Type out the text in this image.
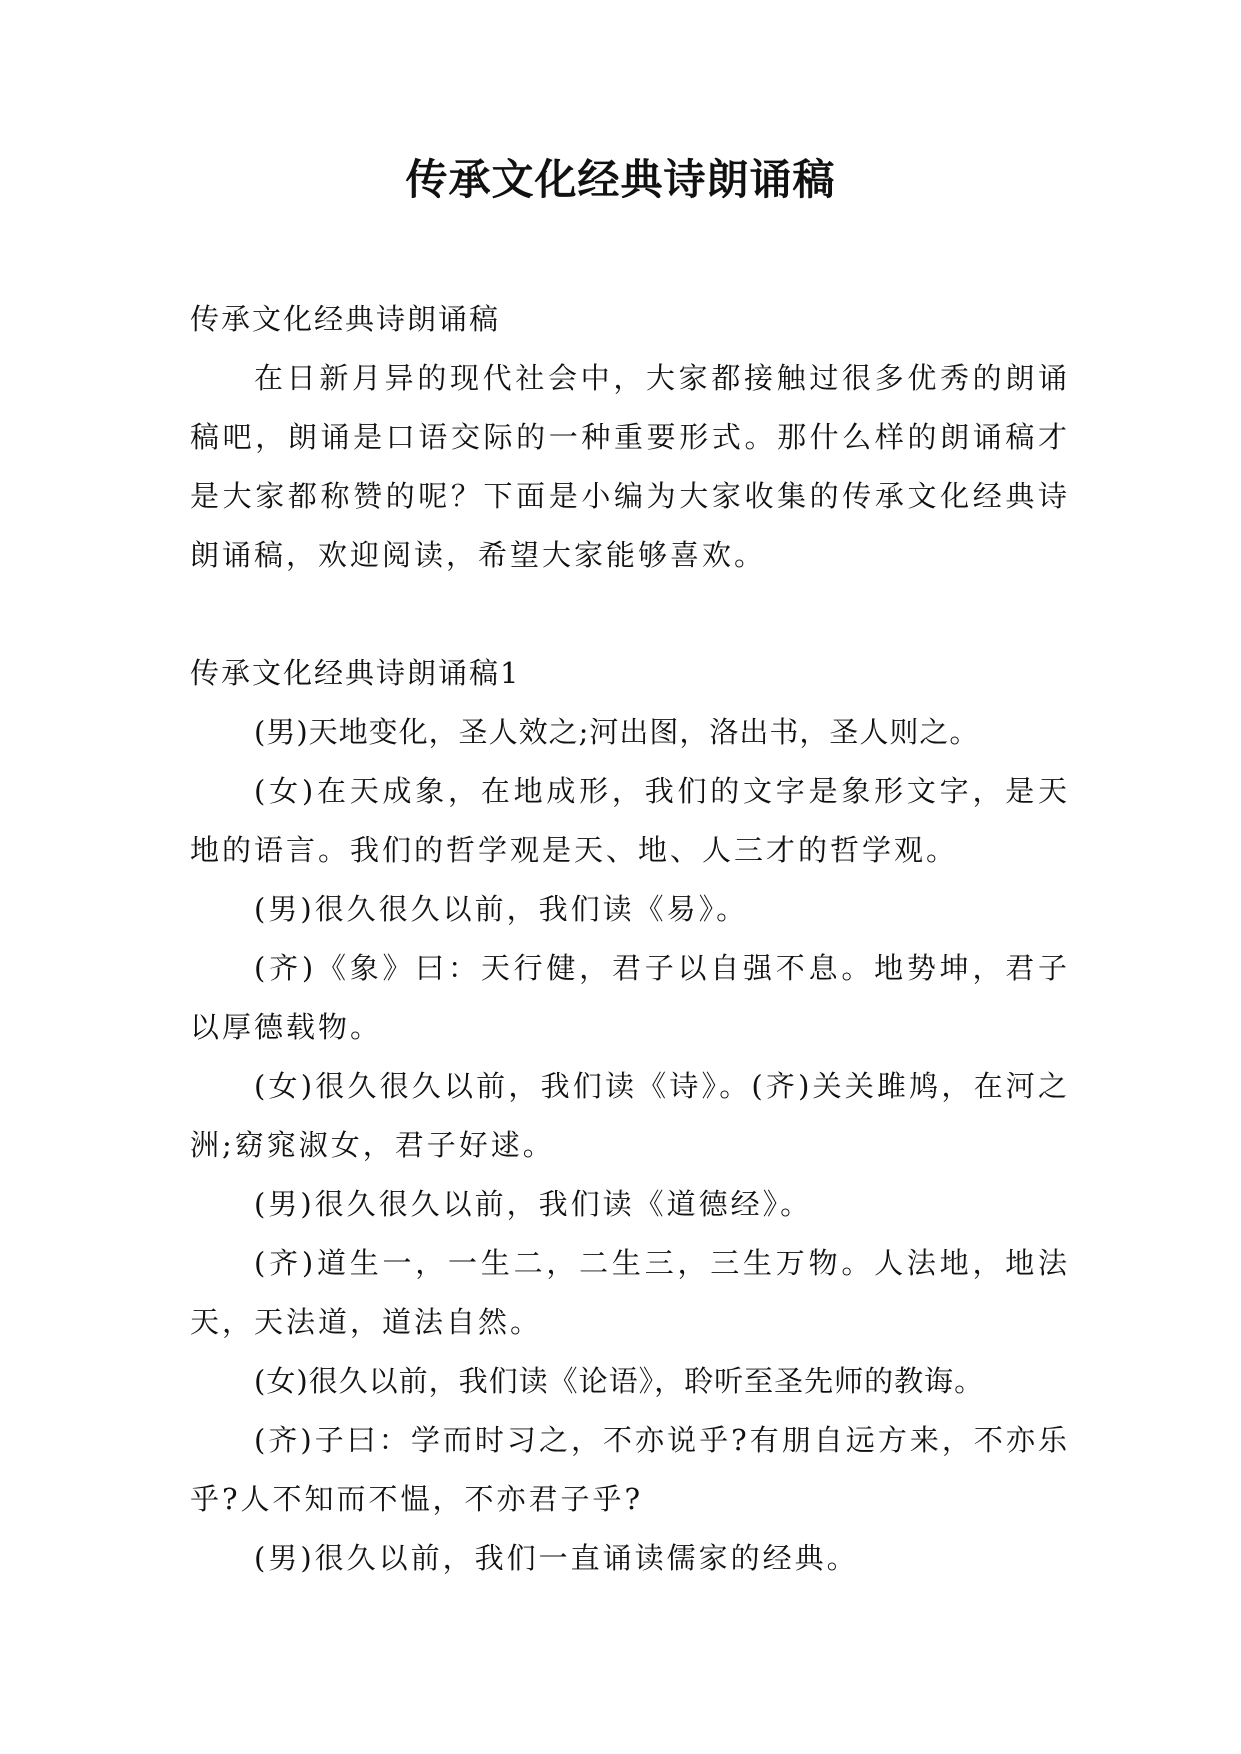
传承文化经典诗朗诵稿

传承文化经典诗朗诵稿

在日新月异的现代社会中，大家都接触过很多优秀的朗诵稿吧，朗诵是口语交际的一种重要形式。那什么样的朗诵稿才是大家都称赞的呢？下面是小编为大家收集的传承文化经典诗朗诵稿，欢迎阅读，希望大家能够喜欢。

传承文化经典诗朗诵稿1

(男)天地变化，圣人效之;河出图，洛出书，圣人则之。

(女)在天成象，在地成形，我们的文字是象形文字，是天地的语言。我们的哲学观是天、地、人三才的哲学观。

(男)很久很久以前，我们读《易》。

(齐)《象》曰：天行健，君子以自强不息。地势坤，君子以厚德载物。

(女)很久很久以前，我们读《诗》。(齐)关关雎鸠，在河之洲;窈窕淑女，君子好逑。

(男)很久很久以前，我们读《道德经》。

(齐)道生一，一生二，二生三，三生万物。人法地，地法天，天法道，道法自然。

(女)很久以前，我们读《论语》，聆听至圣先师的教诲。

(齐)子曰：学而时习之，不亦说乎?有朋自远方来，不亦乐乎?人不知而不愠，不亦君子乎?

(男)很久以前，我们一直诵读儒家的经典。
